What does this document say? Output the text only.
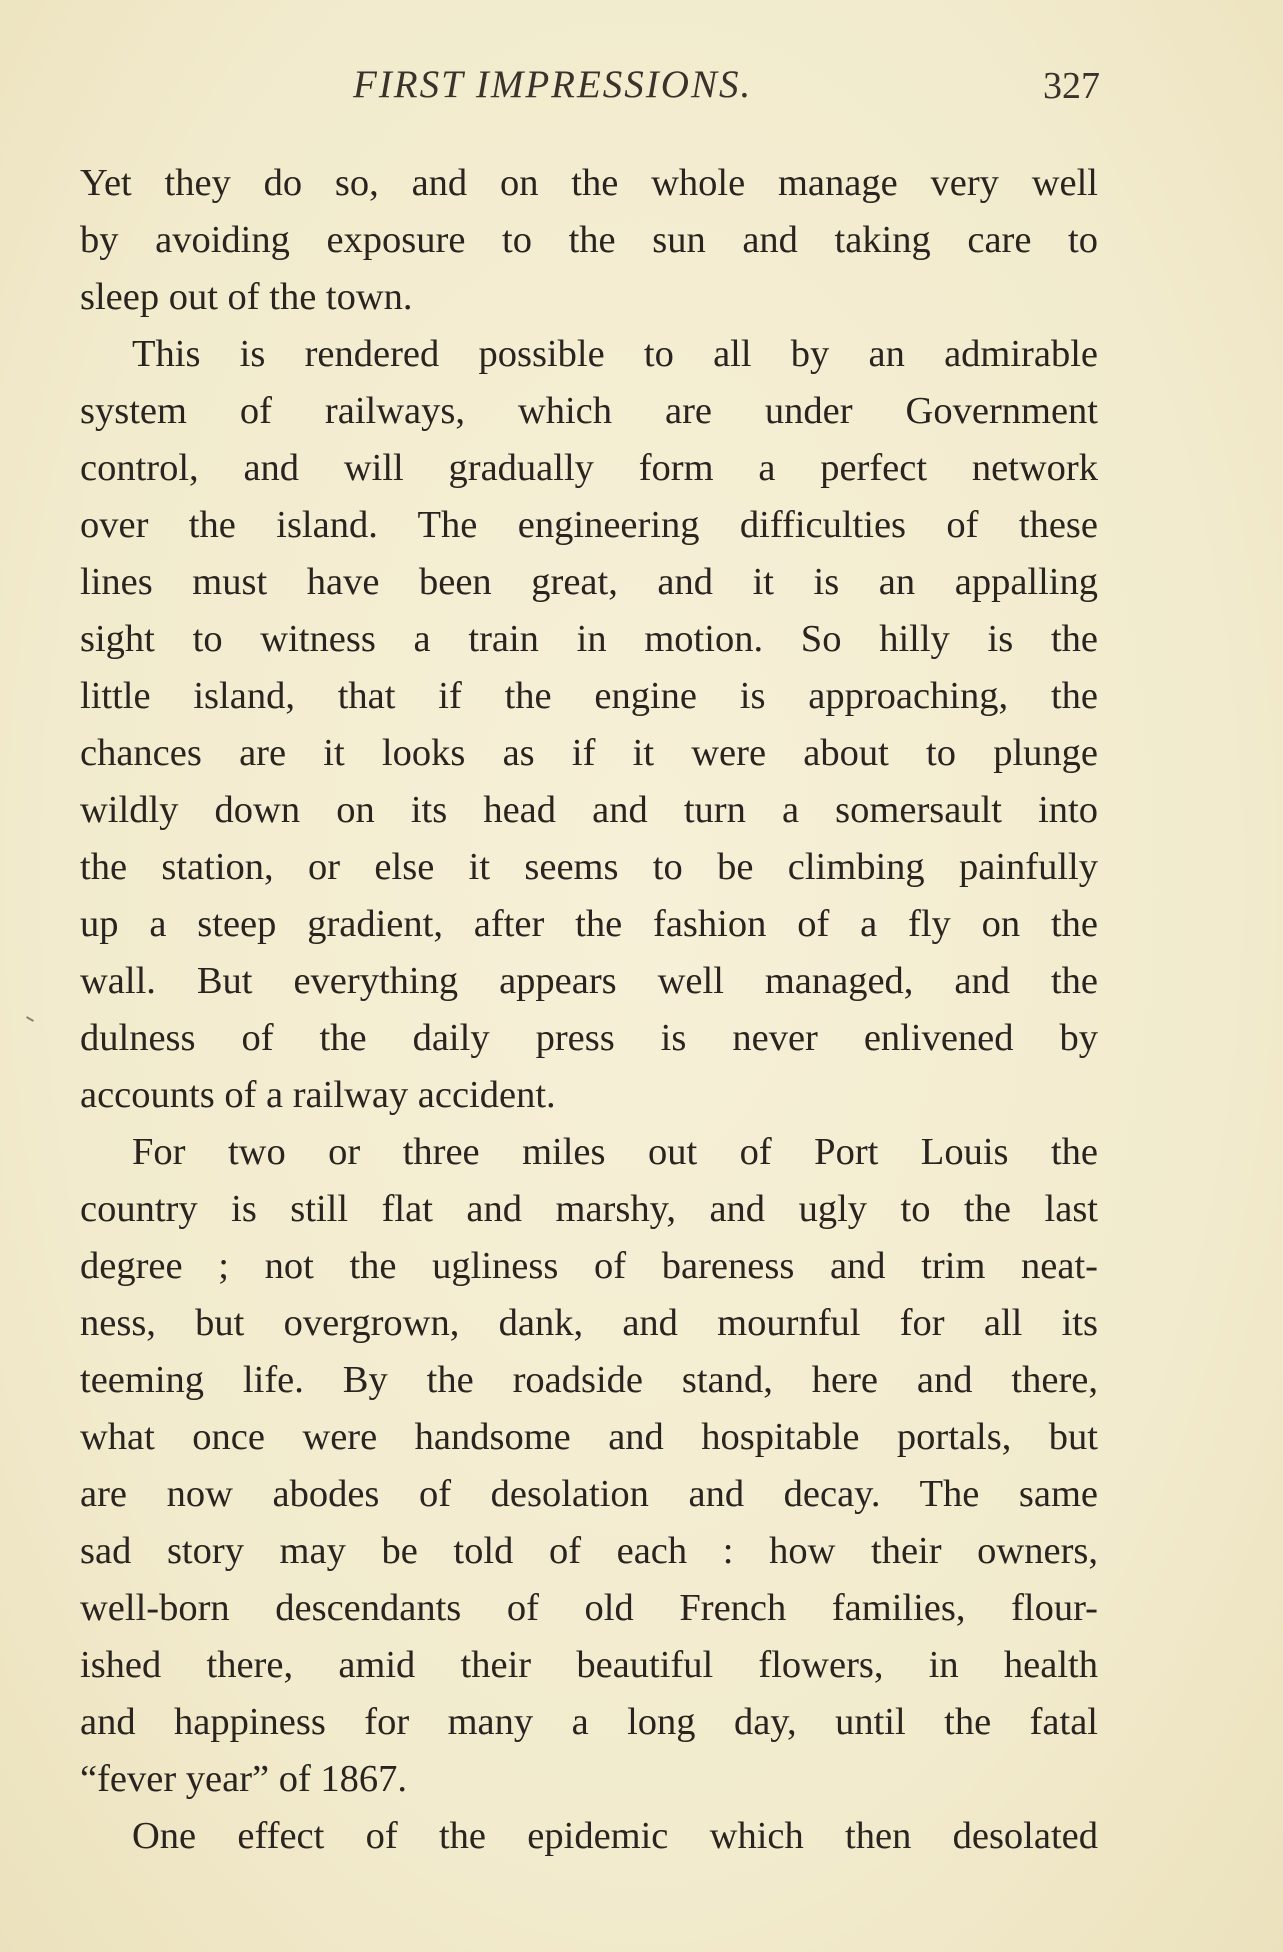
FIRST IMPRESSIONS.	327

Yet they do so, and on the whole manage very well
by avoiding exposure to the sun and taking care to
sleep out of the town.

This is rendered possible to all by an admirable
system of railways, which are under Government
control, and will gradually form a perfect network
over the island. The engineering difficulties of these
lines must have been great, and it is an appalling
sight to witness a train in motion. So hilly is the
little island, that if the engine is approaching, the
chances are it looks as if it were about to plunge
wildly down on its head and turn a somersault into
the station, or else it seems to be climbing painfully
up a steep gradient, after the fashion of a fly on the
wall. But everything appears well managed, and the
dulness of the daily press is never enlivened by
accounts of a railway accident.

For two or three miles out of Port Louis the
country is still flat and marshy, and ugly to the last
degree ; not the ugliness of bareness and trim neat-
ness, but overgrown, dank, and mournful for all its
teeming life. By the roadside stand, here and there,
what once were handsome and hospitable portals, but
are now abodes of desolation and decay. The same
sad story may be told of each : how their owners,
well-born descendants of old French families, flour-
ished there, amid their beautiful flowers, in health
and happiness for many a long day, until the fatal
“fever year” of 1867.

One effect of the epidemic which then desolated
